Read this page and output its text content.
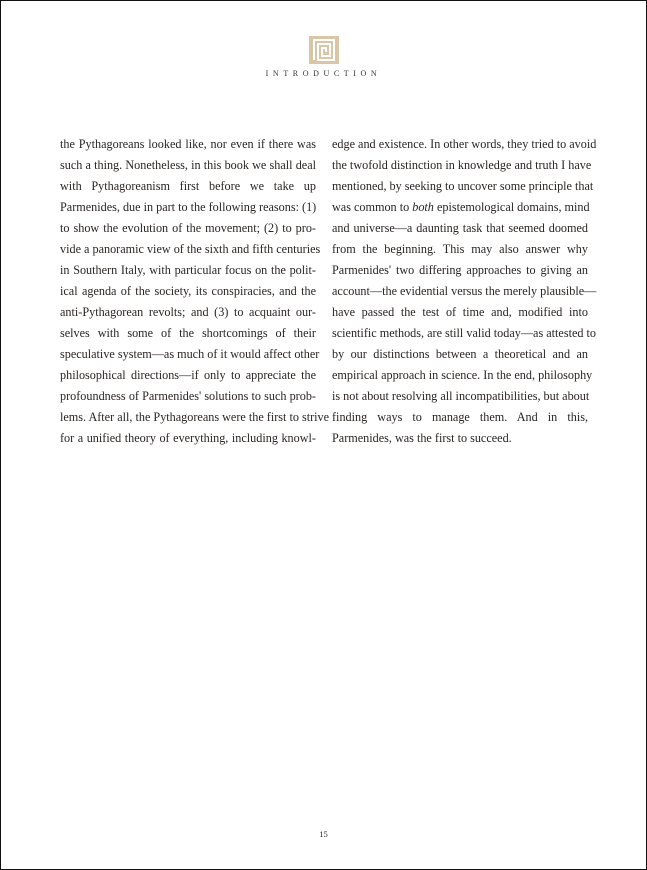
INTRODUCTION
the Pythagoreans looked like, nor even if there was
such a thing. Nonetheless, in this book we shall deal
with Pythagoreanism first before we take up
Parmenides, due in part to the following reasons: (1)
to show the evolution of the movement; (2) to pro-
vide a panoramic view of the sixth and fifth centuries
in Southern Italy, with particular focus on the polit-
ical agenda of the society, its conspiracies, and the
anti-Pythagorean revolts; and (3) to acquaint our-
selves with some of the shortcomings of their
speculative system—as much of it would affect other
philosophical directions—if only to appreciate the
profoundness of Parmenides' solutions to such prob-
lems. After all, the Pythagoreans were the first to strive
for a unified theory of everything, including knowl-
edge and existence. In other words, they tried to avoid
the twofold distinction in knowledge and truth I have
mentioned, by seeking to uncover some principle that
was common to both epistemological domains, mind
and universe—a daunting task that seemed doomed
from the beginning. This may also answer why
Parmenides' two differing approaches to giving an
account—the evidential versus the merely plausible—
have passed the test of time and, modified into
scientific methods, are still valid today—as attested to
by our distinctions between a theoretical and an
empirical approach in science. In the end, philosophy
is not about resolving all incompatibilities, but about
finding ways to manage them. And in this,
Parmenides, was the first to succeed.
15
